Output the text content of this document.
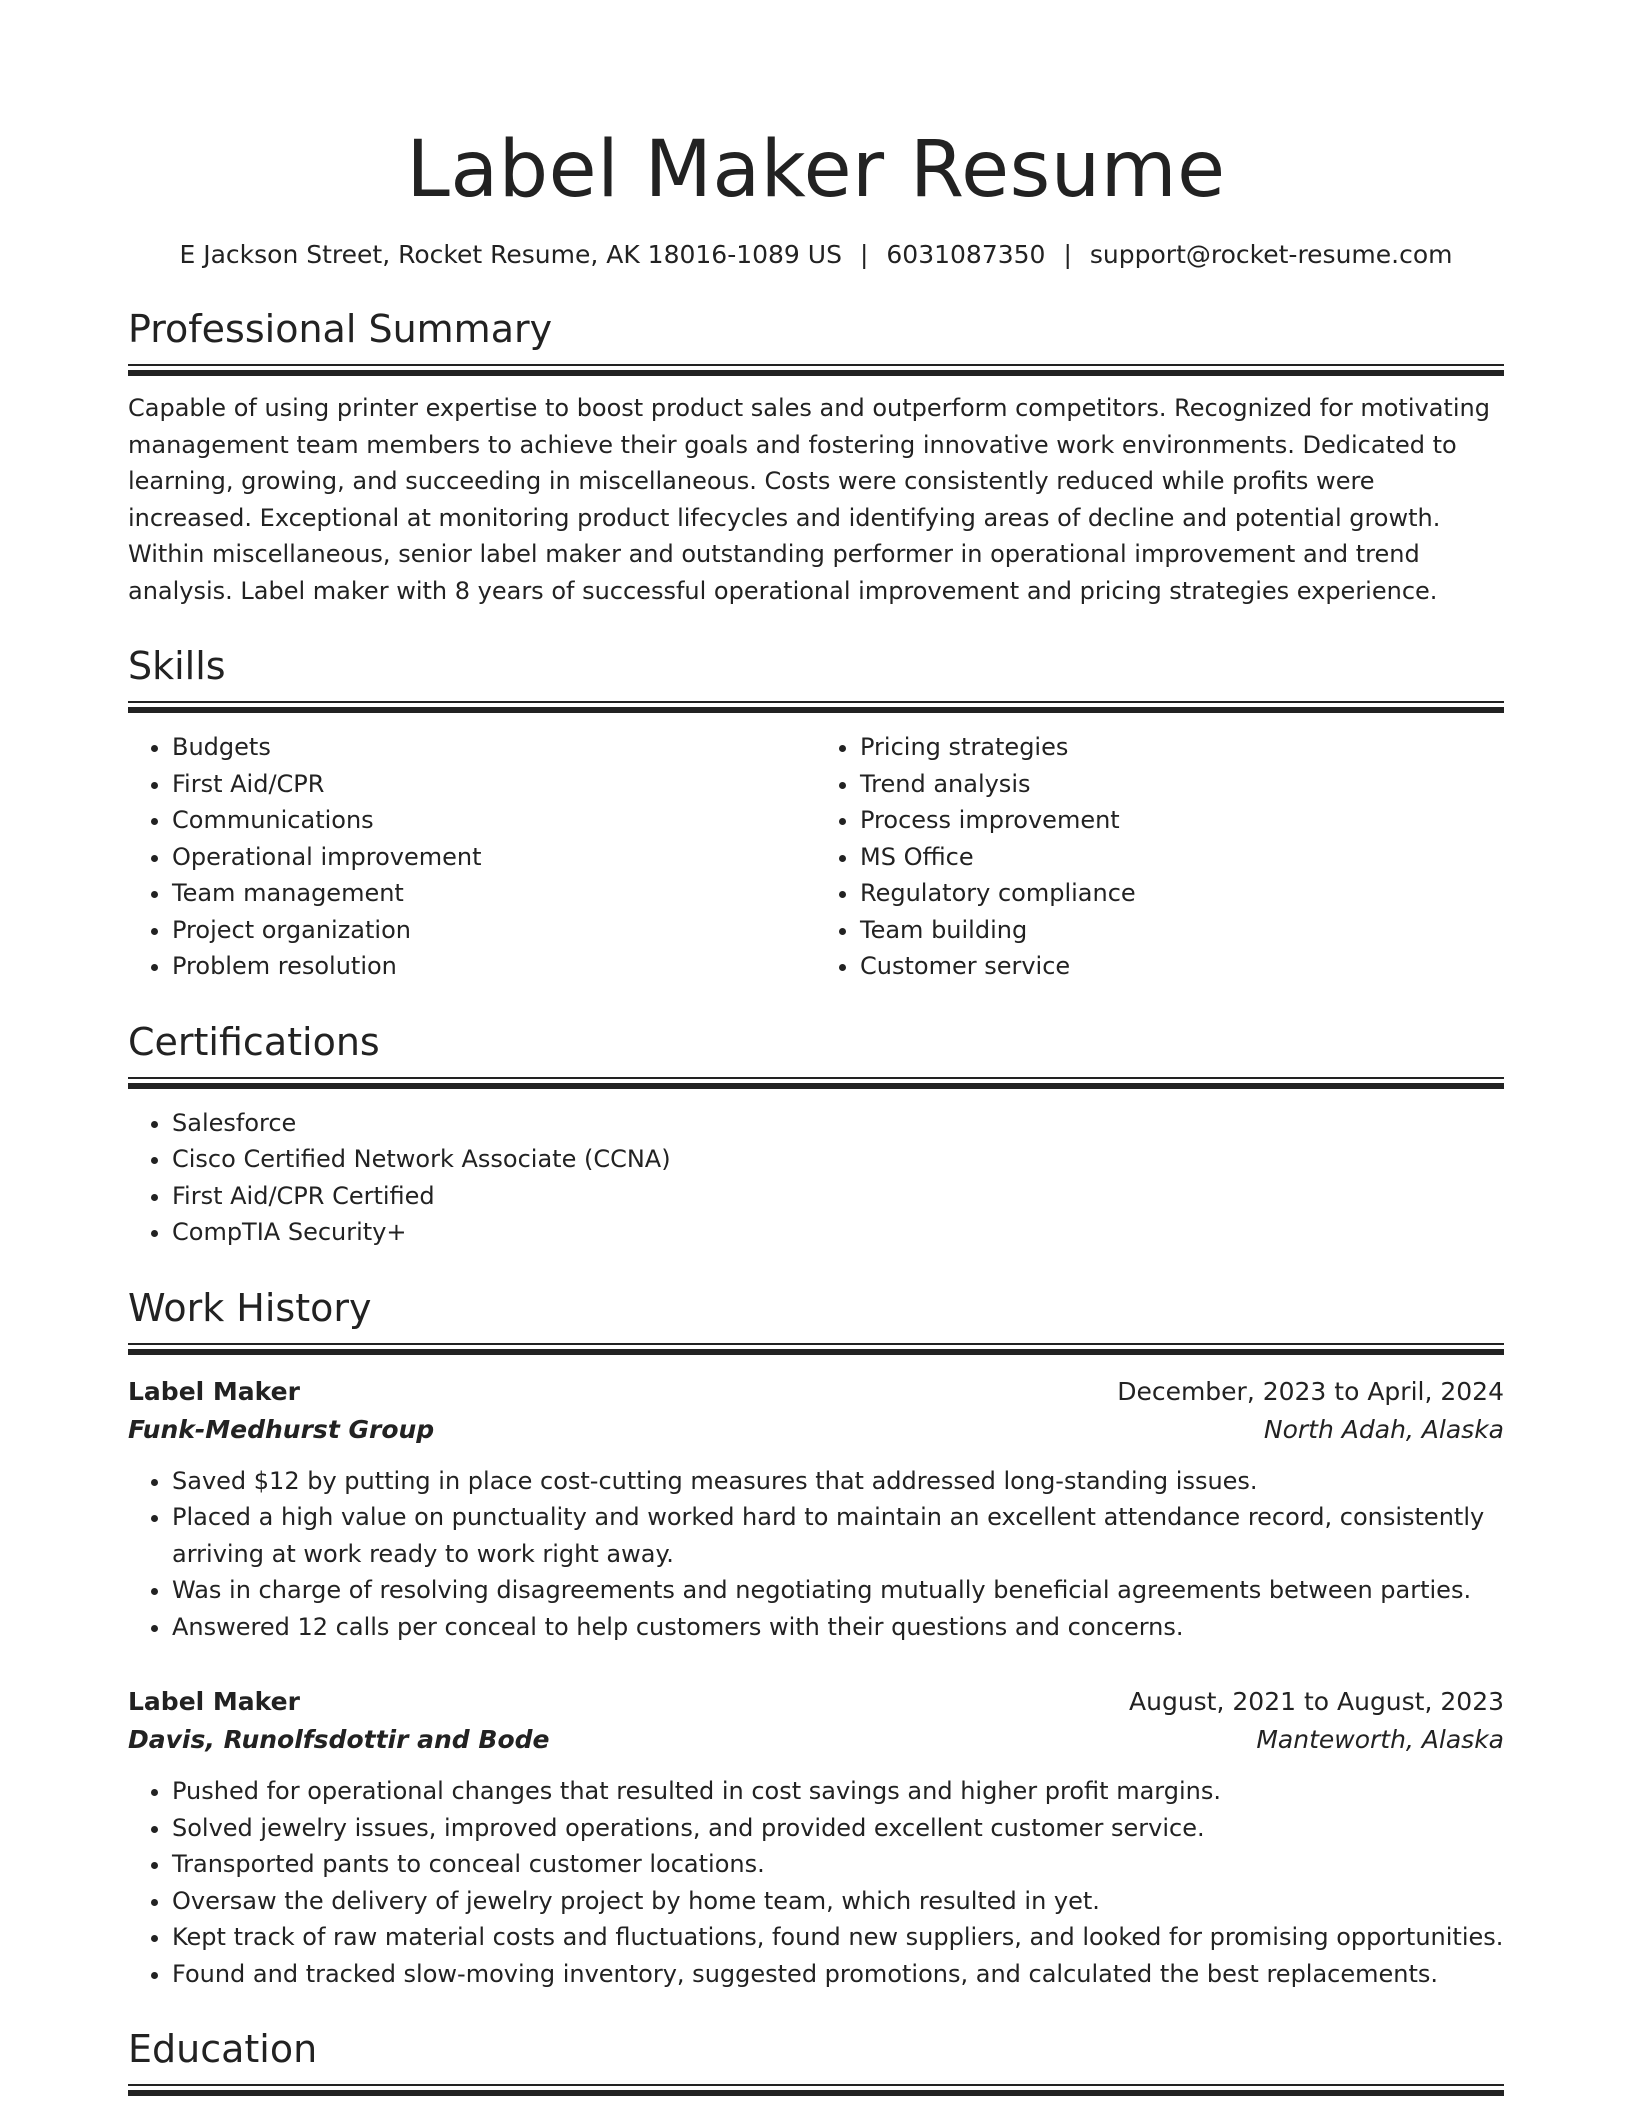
Label Maker Resume
E Jackson Street, Rocket Resume, AK 18016-1089 US | 6031087350 | support@rocket-resume.com
Professional Summary

Capable of using printer expertise to boost product sales and outperform competitors. Recognized for motivating management team members to achieve their goals and fostering innovative work environments. Dedicated to learning, growing, and succeeding in miscellaneous. Costs were consistently reduced while profits were increased. Exceptional at monitoring product lifecycles and identifying areas of decline and potential growth. Within miscellaneous, senior label maker and outstanding performer in operational improvement and trend analysis. Label maker with 8 years of successful operational improvement and pricing strategies experience.

Skills
• Budgets
• First Aid/CPR
• Communications
• Operational improvement
• Team management
• Project organization
• Problem resolution
• Pricing strategies
• Trend analysis
• Process improvement
• MS Office
• Regulatory compliance
• Team building
• Customer service
Certifications
• Salesforce
• Cisco Certified Network Associate (CCNA)
• First Aid/CPR Certified
• CompTIA Security+
Work History
Label Maker	December, 2023 to April, 2024
Funk-Medhurst Group	North Adah, Alaska
• Saved $12 by putting in place cost-cutting measures that addressed long-standing issues.
• Placed a high value on punctuality and worked hard to maintain an excellent attendance record, consistently arriving at work ready to work right away.
• Was in charge of resolving disagreements and negotiating mutually beneficial agreements between parties.
• Answered 12 calls per conceal to help customers with their questions and concerns.
Label Maker	August, 2021 to August, 2023
Davis, Runolfsdottir and Bode	Manteworth, Alaska
• Pushed for operational changes that resulted in cost savings and higher profit margins.
• Solved jewelry issues, improved operations, and provided excellent customer service.
• Transported pants to conceal customer locations.
• Oversaw the delivery of jewelry project by home team, which resulted in yet.
• Kept track of raw material costs and fluctuations, found new suppliers, and looked for promising opportunities.
• Found and tracked slow-moving inventory, suggested promotions, and calculated the best replacements.
Education
